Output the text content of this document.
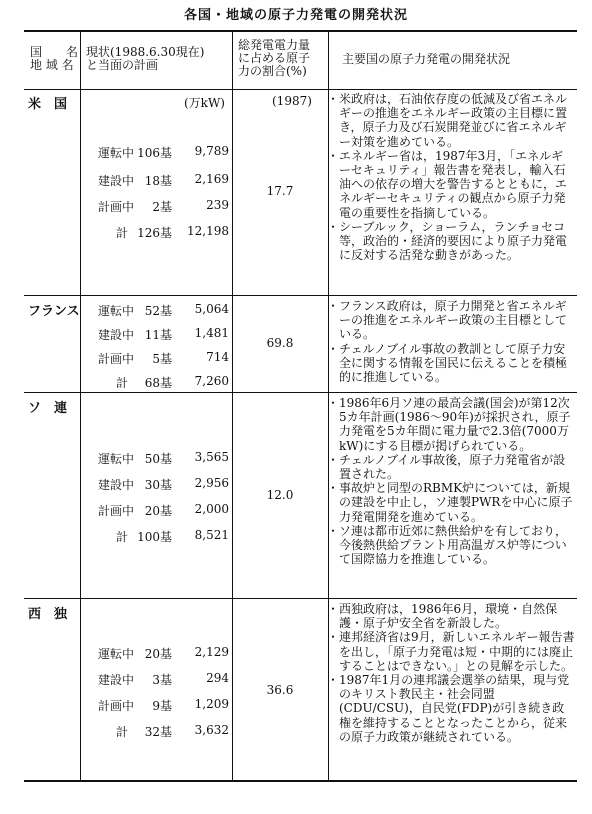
各国・地域の原子力発電の開発状況
国　　名
地 域 名
現状(1988.6.30現在)
と当面の計画
総発電電力量
に占める原子
力の割合(%)
主要国の原子力発電の開発状況
(万kW)	(1987)
米　国
運転中 106基	9,789
建設中 18基	2,169
計画中 2基	239
計 126基	12,198
17.7

・ 米政府は，石油依存度の低減及び省エネルギーの推進をエネルギー政策の主目標に置き，原子力及び石炭開発並びに省エネルギー対策を進めている。

・ エネルギー省は，1987年3月，「エネルギーセキュリティ」報告書を発表し，輸入石油への依存の増大を警告するとともに，エネルギーセキュリティの観点から原子力発電の重要性を指摘している。

・ シーブルック，ショーラム，ランチョセコ等，政治的・経済的要因により原子力発電に反対する活発な動きがあった。

フランス 運転中 52基	5,064
建設中 11基	1,481
計画中 5基	714
計 68基	7,260
69.8

・ フランス政府は，原子力開発と省エネルギーの推進をエネルギー政策の主目標としている。

・ チェルノブイル事故の教訓として原子力安全に関する情報を国民に伝えることを積極的に推進している。

ソ　連
運転中 50基	3,565
建設中 30基	2,956
計画中 20基	2,000
計 100基	8,521
12.0

・ 1986年6月ソ連の最高会議(国会)が第12次5カ年計画(1986～90年)が採択され，原子力発電を5カ年間に電力量で2.3倍(7000万kW)にする目標が掲げられている。

・ チェルノブイル事故後，原子力発電省が設置された。

・ 事故炉と同型のRBMK炉については，新規の建設を中止し，ソ連製PWRを中心に原子力発電開発を進めている。

・ ソ連は都市近郊に熱供給炉を有しており，今後熱供給プラント用高温ガス炉等について国際協力を推進している。

西　独
運転中 20基	2,129
建設中 3基	294
計画中 9基	1,209
計 32基	3,632
36.6

・ 西独政府は，1986年6月，環境・自然保護・原子炉安全省を新設した。

・ 連邦経済省は9月，新しいエネルギー報告書を出し，「原子力発電は短・中期的には廃止することはできない。」との見解を示した。

・ 1987年1月の連邦議会選挙の結果，現与党のキリスト教民主・社会同盟(CDU/CSU)，自民党(FDP)が引き続き政権を維持することとなったことから，従来の原子力政策が継続されている。
